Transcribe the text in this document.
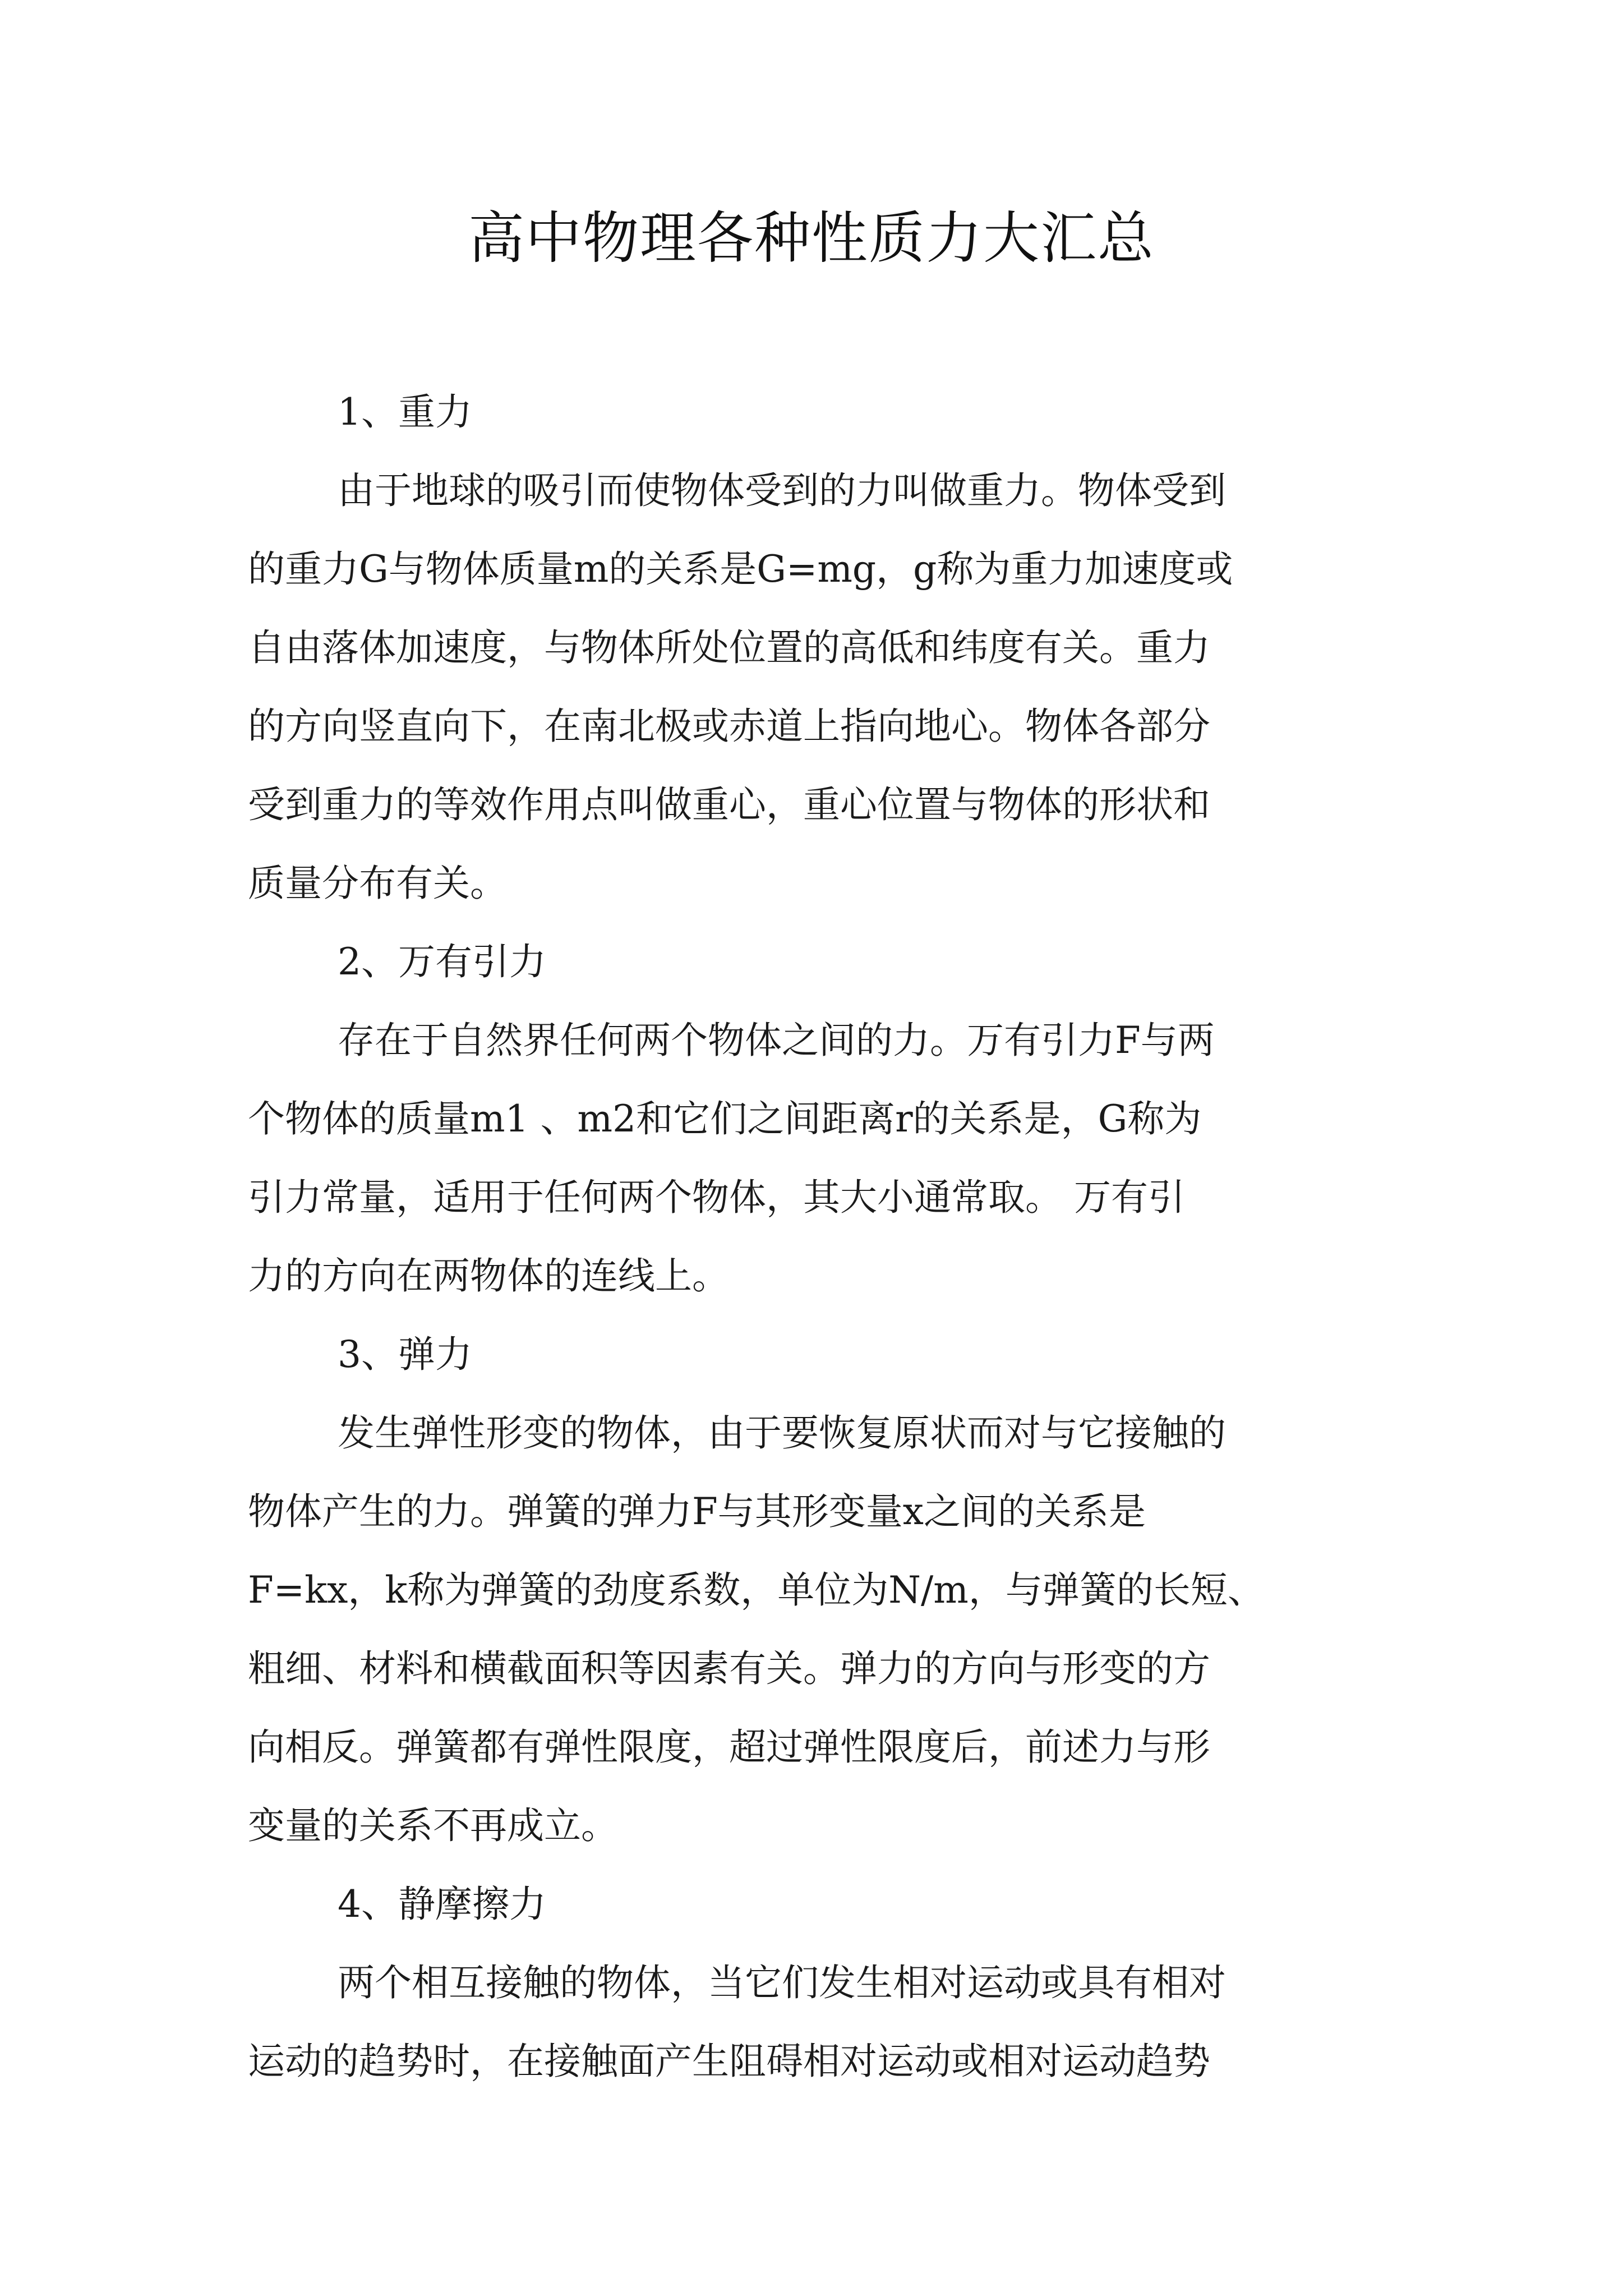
高中物理各种性质力大汇总

1、重力

由于地球的吸引而使物体受到的力叫做重力。物体受到

的重力G与物体质量m的关系是G=mg，g称为重力加速度或

自由落体加速度，与物体所处位置的高低和纬度有关。重力

的方向竖直向下，在南北极或赤道上指向地心。物体各部分

受到重力的等效作用点叫做重心，重心位置与物体的形状和

质量分布有关。

2、万有引力

存在于自然界任何两个物体之间的力。万有引力F与两

个物体的质量m1 、m2和它们之间距离r的关系是，G称为

引力常量，适用于任何两个物体，其大小通常取。 万有引

力的方向在两物体的连线上。

3、弹力

发生弹性形变的物体，由于要恢复原状而对与它接触的

物体产生的力。弹簧的弹力F与其形变量x之间的关系是

F=kx，k称为弹簧的劲度系数，单位为N/m，与弹簧的长短、

粗细、材料和横截面积等因素有关。弹力的方向与形变的方

向相反。弹簧都有弹性限度，超过弹性限度后，前述力与形

变量的关系不再成立。

4、静摩擦力

两个相互接触的物体，当它们发生相对运动或具有相对

运动的趋势时，在接触面产生阻碍相对运动或相对运动趋势
